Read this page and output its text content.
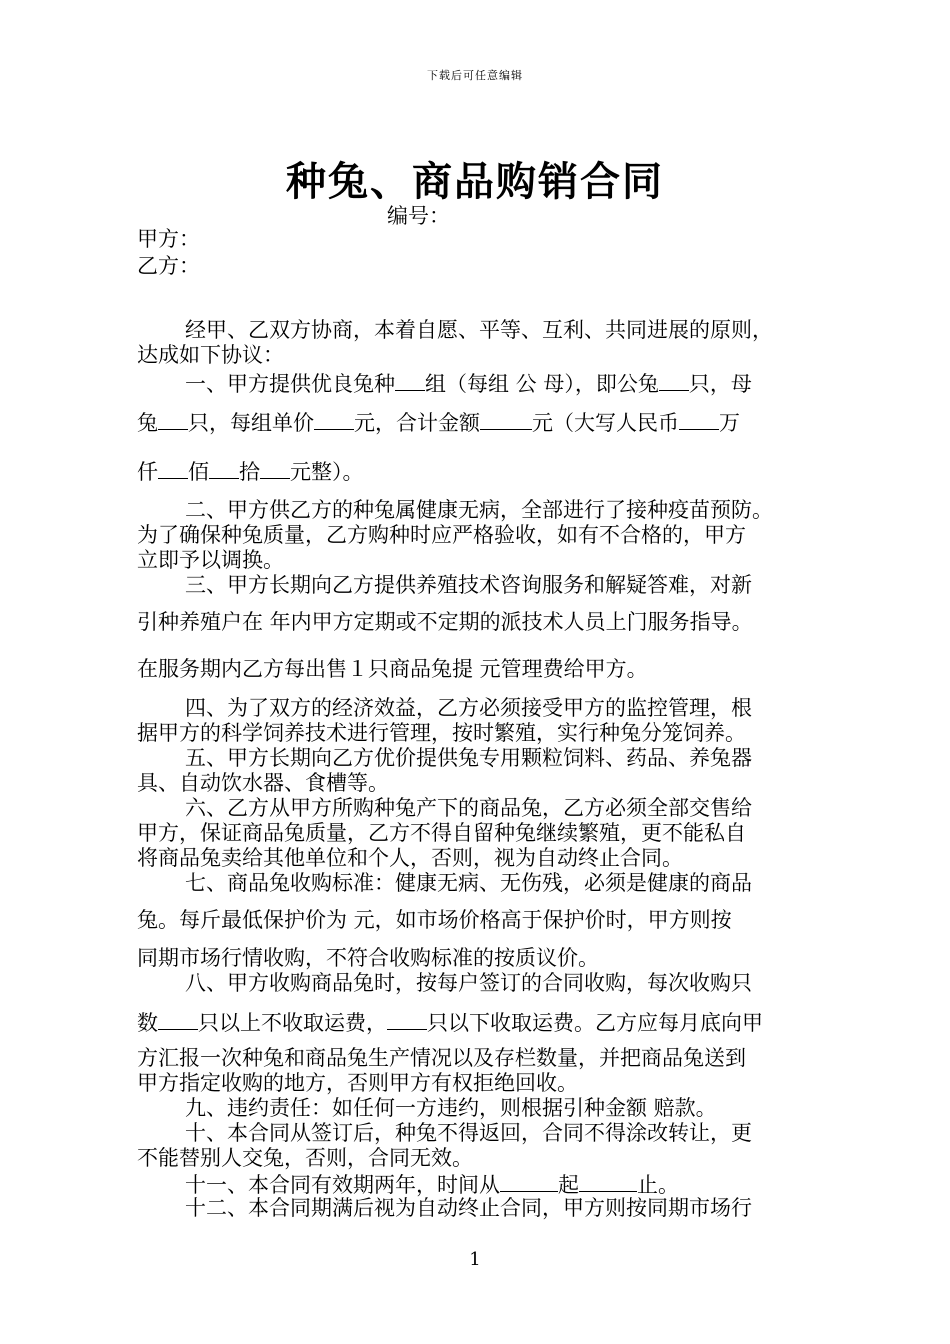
下载后可任意编辑
种兔、商品购销合同
编号：
甲方：
乙方：

经甲、乙双方协商，本着自愿、平等、互利、共同进展的原则，

达成如下协议：

一、甲方提供优良兔种 组（每组 公 母），即公兔 只，母

兔 只，每组单价 元，合计金额 元（大写人民币 万

仟 佰 拾 元整）。

二、甲方供乙方的种兔属健康无病，全部进行了接种疫苗预防。

为了确保种兔质量，乙方购种时应严格验收，如有不合格的，甲方

立即予以调换。

三、甲方长期向乙方提供养殖技术咨询服务和解疑答难，对新

引种养殖户在 年内甲方定期或不定期的派技术人员上门服务指导。

在服务期内乙方每出售１只商品兔提 元管理费给甲方。

四、为了双方的经济效益，乙方必须接受甲方的监控管理，根

据甲方的科学饲养技术进行管理，按时繁殖，实行种兔分笼饲养。

五、甲方长期向乙方优价提供兔专用颗粒饲料、药品、养兔器

具、自动饮水器、食槽等。

六、乙方从甲方所购种兔产下的商品兔，乙方必须全部交售给

甲方，保证商品兔质量，乙方不得自留种兔继续繁殖，更不能私自

将商品兔卖给其他单位和个人，否则，视为自动终止合同。

七、商品兔收购标准：健康无病、无伤残，必须是健康的商品

兔。每斤最低保护价为 元，如市场价格高于保护价时，甲方则按

同期市场行情收购，不符合收购标准的按质议价。

八、甲方收购商品兔时，按每户签订的合同收购，每次收购只

数 只以上不收取运费， 只以下收取运费。乙方应每月底向甲

方汇报一次种兔和商品兔生产情况以及存栏数量，并把商品兔送到

甲方指定收购的地方，否则甲方有权拒绝回收。

九、违约责任：如任何一方违约，则根据引种金额 赔款。

十、本合同从签订后，种兔不得返回，合同不得涂改转让，更

不能替别人交兔，否则，合同无效。

十一、本合同有效期两年，时间从	起	止。

十二、本合同期满后视为自动终止合同，甲方则按同期市场行

1
